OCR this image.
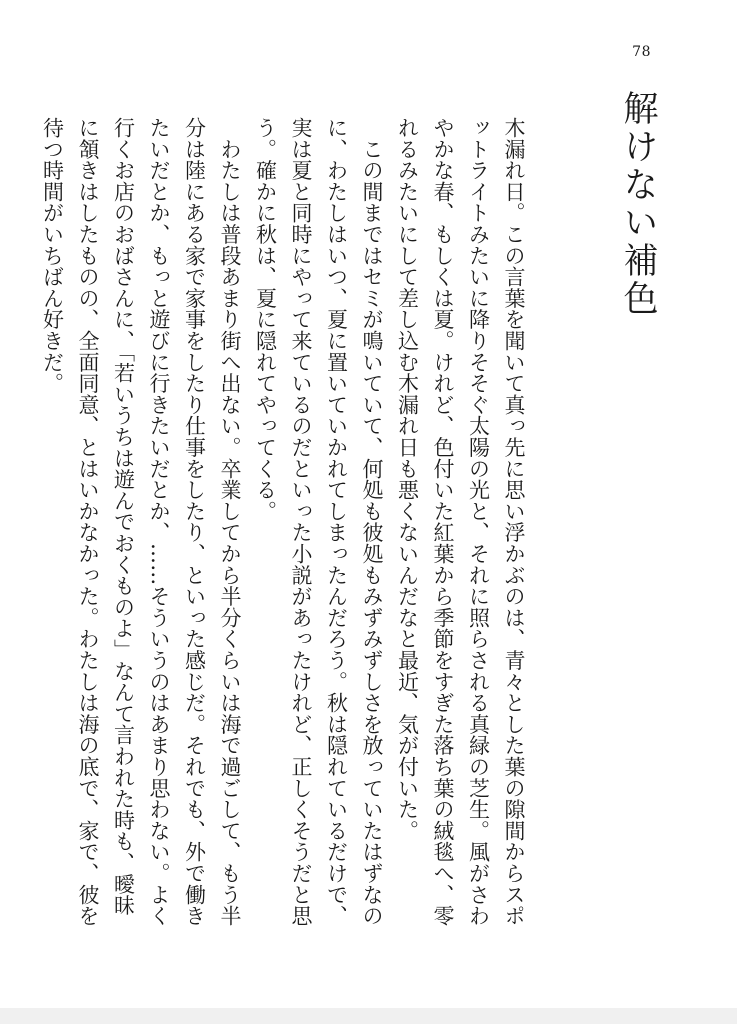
78
解けない補色

木漏れ日。この言葉を聞いて真っ先に思い浮かぶのは、青々とした葉の隙間からスポットライトみたいに降りそそぐ太陽の光と、それに照らされる真緑の芝生。風がさわやかな春、もしくは夏。けれど、色付いた紅葉から季節をすぎた落ち葉の絨毯へ、零れるみたいにして差し込む木漏れ日も悪くないんだなと最近、気が付いた。

　この間まではセミが鳴いていて、何処も彼処もみずみずしさを放っていたはずなのに、わたしはいつ、夏に置いていかれてしまったんだろう。秋は隠れているだけで、実は夏と同時にやって来ているのだといった小説があったけれど、正しくそうだと思う。確かに秋は、夏に隠れてやってくる。

　わたしは普段あまり街へ出ない。卒業してから半分くらいは海で過ごして、もう半分は陸にある家で家事をしたり仕事をしたり、といった感じだ。それでも、外で働きたいだとか、もっと遊びに行きたいだとか、……そういうのはあまり思わない。よく行くお店のおばさんに、「若いうちは遊んでおくものよ」なんて言われた時も、曖昧に頷きはしたものの、全面同意、とはいかなかった。わたしは海の底で、家で、彼を待つ時間がいちばん好きだ。
